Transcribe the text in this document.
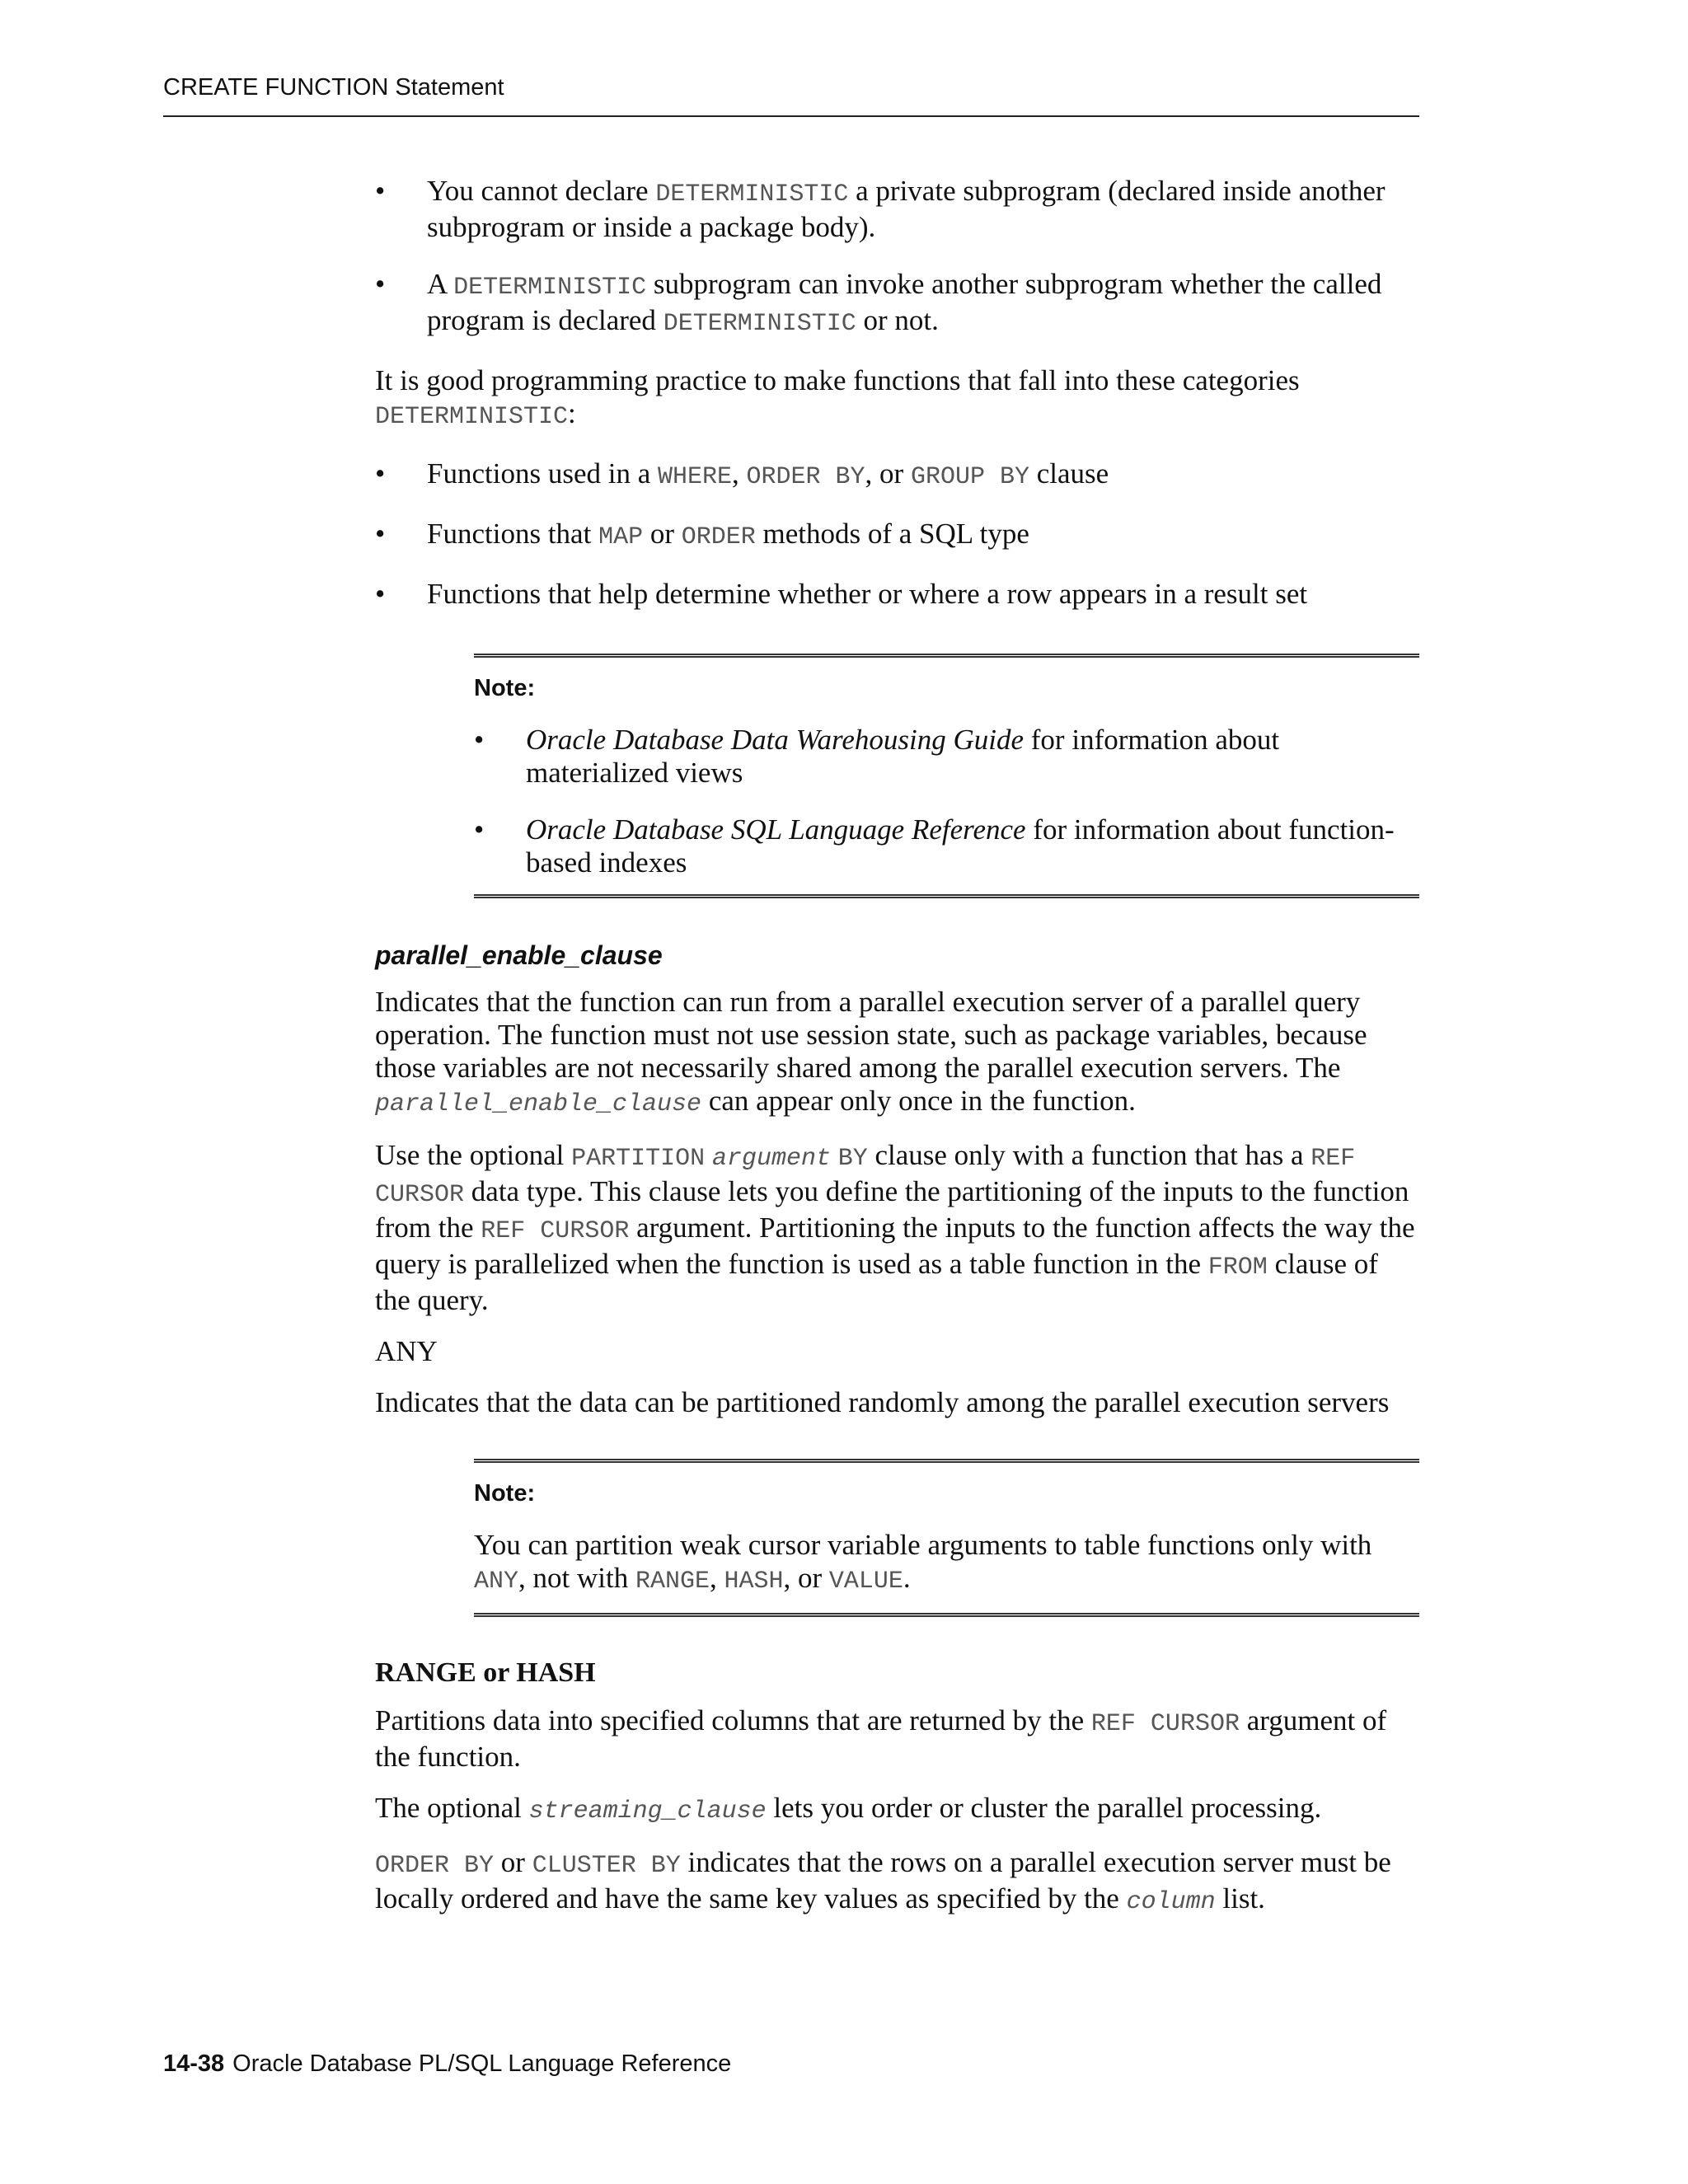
CREATE FUNCTION Statement
• You cannot declare DETERMINISTIC a private subprogram (declared inside another subprogram or inside a package body).
• A DETERMINISTIC subprogram can invoke another subprogram whether the called program is declared DETERMINISTIC or not.

It is good programming practice to make functions that fall into these categories DETERMINISTIC:

• Functions used in a WHERE, ORDER BY, or GROUP BY clause
• Functions that MAP or ORDER methods of a SQL type
• Functions that help determine whether or where a row appears in a result set
Note:
• Oracle Database Data Warehousing Guide for information about materialized views
• Oracle Database SQL Language Reference for information about function-based indexes
parallel_enable_clause

Indicates that the function can run from a parallel execution server of a parallel query operation. The function must not use session state, such as package variables, because those variables are not necessarily shared among the parallel execution servers. The parallel_enable_clause can appear only once in the function.

Use the optional PARTITION argument BY clause only with a function that has a REF CURSOR data type. This clause lets you define the partitioning of the inputs to the function from the REF CURSOR argument. Partitioning the inputs to the function affects the way the query is parallelized when the function is used as a table function in the FROM clause of the query.

ANY

Indicates that the data can be partitioned randomly among the parallel execution servers

Note:

You can partition weak cursor variable arguments to table functions only with ANY, not with RANGE, HASH, or VALUE.

RANGE or HASH

Partitions data into specified columns that are returned by the REF CURSOR argument of the function.

The optional streaming_clause lets you order or cluster the parallel processing.

ORDER BY or CLUSTER BY indicates that the rows on a parallel execution server must be locally ordered and have the same key values as specified by the column list.

14-38 Oracle Database PL/SQL Language Reference
